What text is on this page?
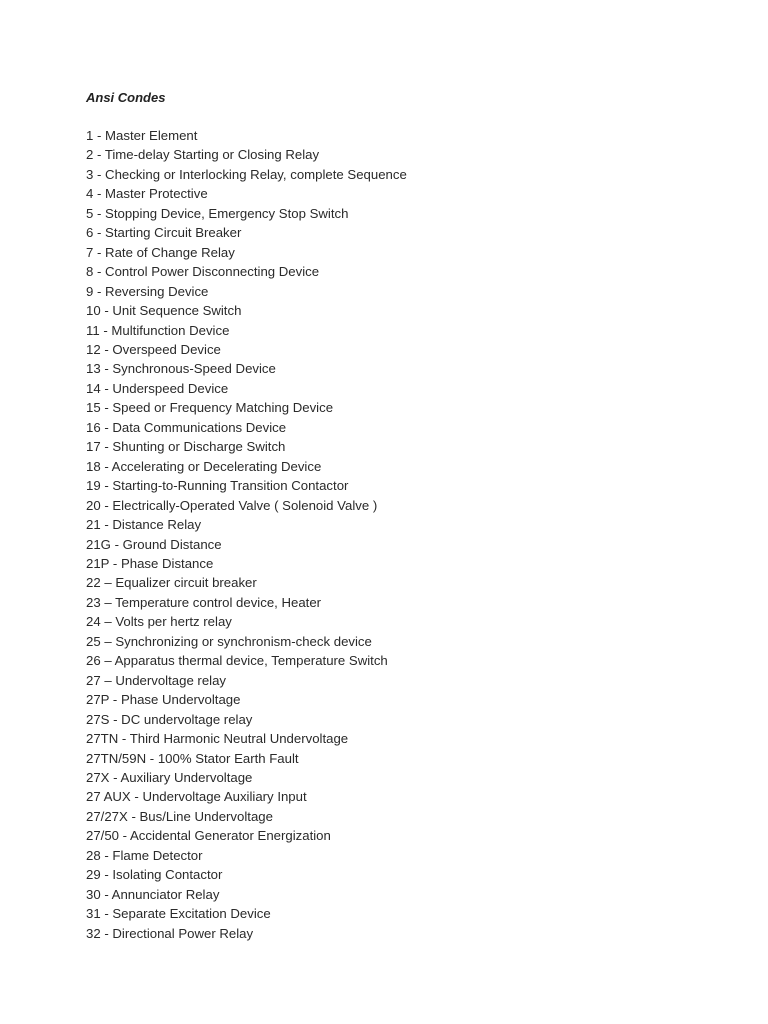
Ansi Condes
1 - Master Element
2 - Time-delay Starting or Closing Relay
3 - Checking or Interlocking Relay, complete Sequence
4 - Master Protective
5 - Stopping Device, Emergency Stop Switch
6 - Starting Circuit Breaker
7 - Rate of Change Relay
8 - Control Power Disconnecting Device
9 - Reversing Device
10 - Unit Sequence Switch
11 - Multifunction Device
12 - Overspeed Device
13 - Synchronous-Speed Device
14 - Underspeed Device
15 - Speed or Frequency Matching Device
16 - Data Communications Device
17 - Shunting or Discharge Switch
18 - Accelerating or Decelerating Device
19 - Starting-to-Running Transition Contactor
20 - Electrically-Operated Valve ( Solenoid Valve )
21 - Distance Relay
21G - Ground Distance
21P - Phase Distance
22 – Equalizer circuit breaker
23 – Temperature control device, Heater
24 – Volts per hertz relay
25 – Synchronizing or synchronism-check device
26 – Apparatus thermal device, Temperature Switch
27 – Undervoltage relay
27P - Phase Undervoltage
27S - DC undervoltage relay
27TN - Third Harmonic Neutral Undervoltage
27TN/59N - 100% Stator Earth Fault
27X - Auxiliary Undervoltage
27 AUX - Undervoltage Auxiliary Input
27/27X - Bus/Line Undervoltage
27/50 - Accidental Generator Energization
28 - Flame Detector
29 - Isolating Contactor
30 - Annunciator Relay
31 - Separate Excitation Device
32 - Directional Power Relay
